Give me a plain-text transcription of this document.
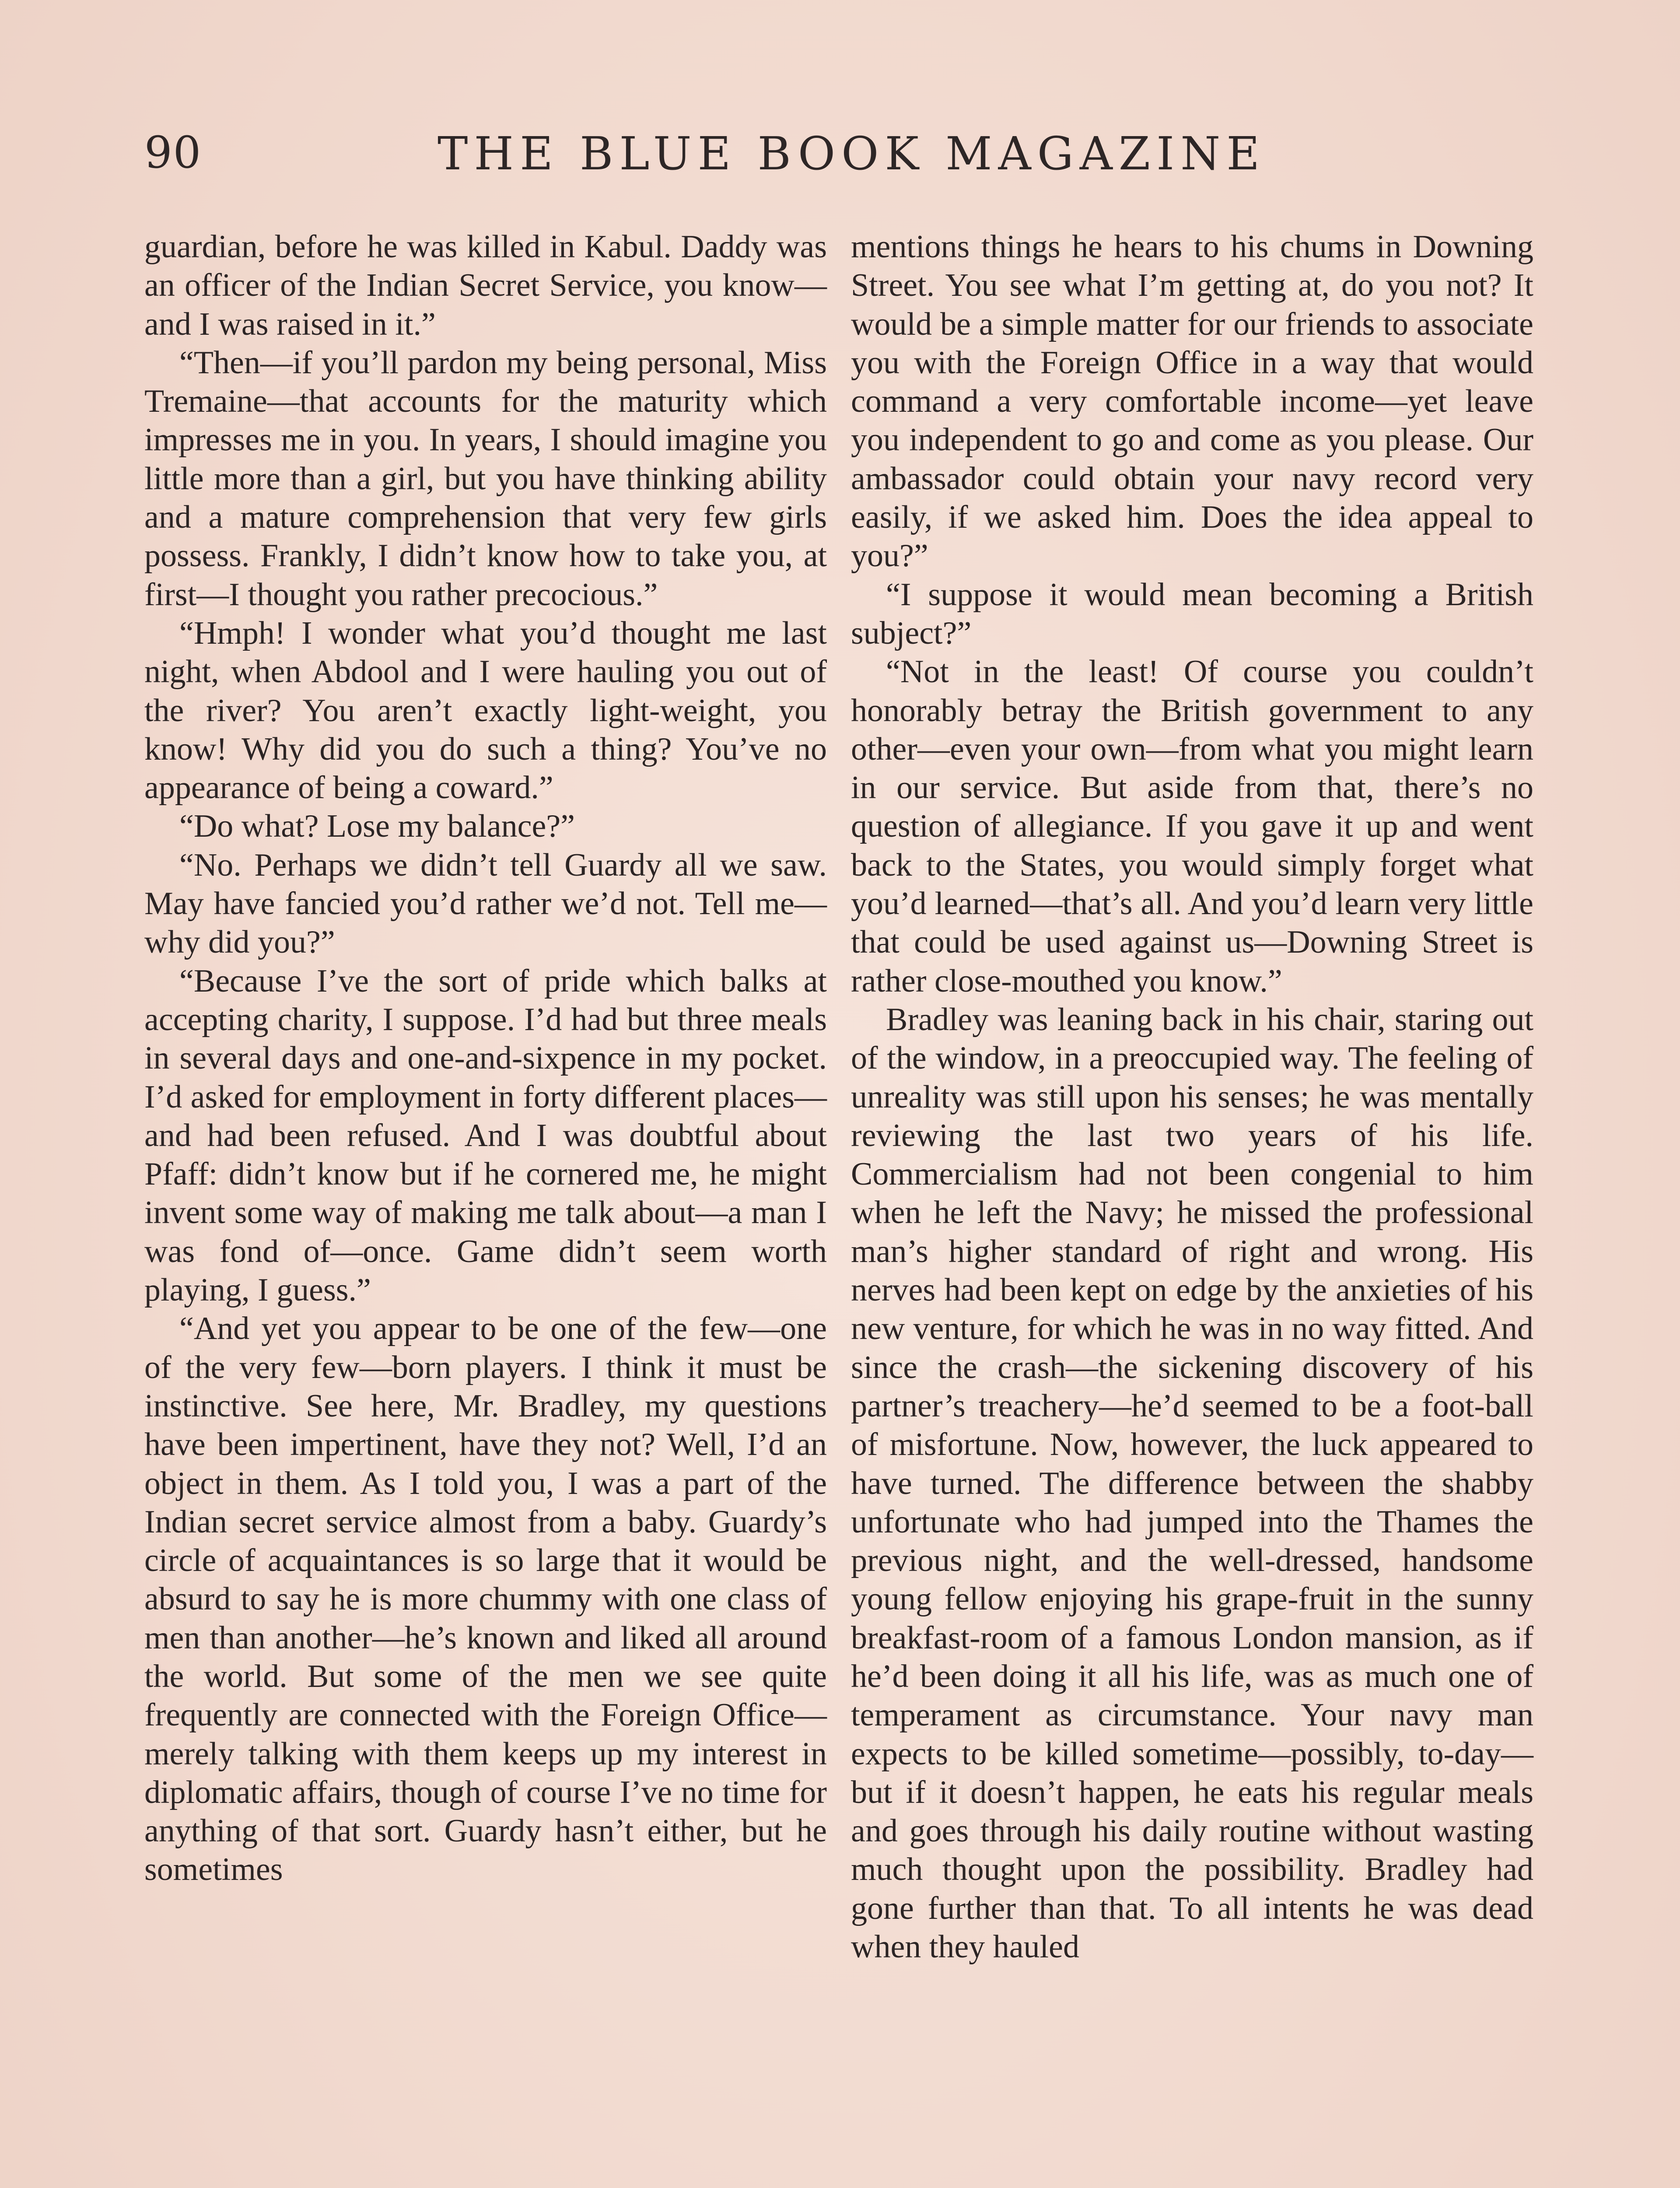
90	THE BLUE BOOK MAGAZINE

guardian, before he was killed in Kabul. Daddy was an officer of the Indian Secret Service, you know—and I was raised in it.”

“Then—if you’ll pardon my being personal, Miss Tremaine—that accounts for the maturity which impresses me in you. In years, I should imagine you little more than a girl, but you have thinking ability and a mature comprehension that very few girls possess. Frankly, I didn’t know how to take you, at first—I thought you rather precocious.”

“Hmph! I wonder what you’d thought me last night, when Abdool and I were hauling you out of the river? You aren’t exactly light-weight, you know! Why did you do such a thing? You’ve no appearance of being a coward.”

“Do what? Lose my balance?”

“No. Perhaps we didn’t tell Guardy all we saw. May have fancied you’d rather we’d not. Tell me—why did you?”

“Because I’ve the sort of pride which balks at accepting charity, I suppose. I’d had but three meals in several days and one-and-sixpence in my pocket. I’d asked for employment in forty different places—and had been refused. And I was doubtful about Pfaff: didn’t know but if he cornered me, he might invent some way of making me talk about—a man I was fond of—once. Game didn’t seem worth playing, I guess.”

“And yet you appear to be one of the few—one of the very few—born players. I think it must be instinctive. See here, Mr. Bradley, my questions have been impertinent, have they not? Well, I’d an object in them. As I told you, I was a part of the Indian secret service almost from a baby. Guardy’s circle of acquaintances is so large that it would be absurd to say he is more chummy with one class of men than another—he’s known and liked all around the world. But some of the men we see quite frequently are connected with the Foreign Office—merely talking with them keeps up my interest in diplomatic affairs, though of course I’ve no time for anything of that sort. Guardy hasn’t either, but he sometimes

mentions things he hears to his chums in Downing Street. You see what I’m getting at, do you not? It would be a simple matter for our friends to associate you with the Foreign Office in a way that would command a very comfortable income—yet leave you independent to go and come as you please. Our ambassador could obtain your navy record very easily, if we asked him. Does the idea appeal to you?”

“I suppose it would mean becoming a British subject?”

“Not in the least! Of course you couldn’t honorably betray the British government to any other—even your own—from what you might learn in our service. But aside from that, there’s no question of allegiance. If you gave it up and went back to the States, you would simply forget what you’d learned—that’s all. And you’d learn very little that could be used against us—Downing Street is rather close-mouthed you know.”

Bradley was leaning back in his chair, staring out of the window, in a preoccupied way. The feeling of unreality was still upon his senses; he was mentally reviewing the last two years of his life. Commercialism had not been congenial to him when he left the Navy; he missed the professional man’s higher standard of right and wrong. His nerves had been kept on edge by the anxieties of his new venture, for which he was in no way fitted. And since the crash—the sickening discovery of his partner’s treachery—he’d seemed to be a foot-ball of misfortune. Now, however, the luck appeared to have turned. The difference between the shabby unfortunate who had jumped into the Thames the previous night, and the well-dressed, handsome young fellow enjoying his grape-fruit in the sunny breakfast-room of a famous London mansion, as if he’d been doing it all his life, was as much one of temperament as circumstance. Your navy man expects to be killed sometime—possibly, to-day—but if it doesn’t happen, he eats his regular meals and goes through his daily routine without wasting much thought upon the possibility. Bradley had gone further than that. To all intents he was dead when they hauled
